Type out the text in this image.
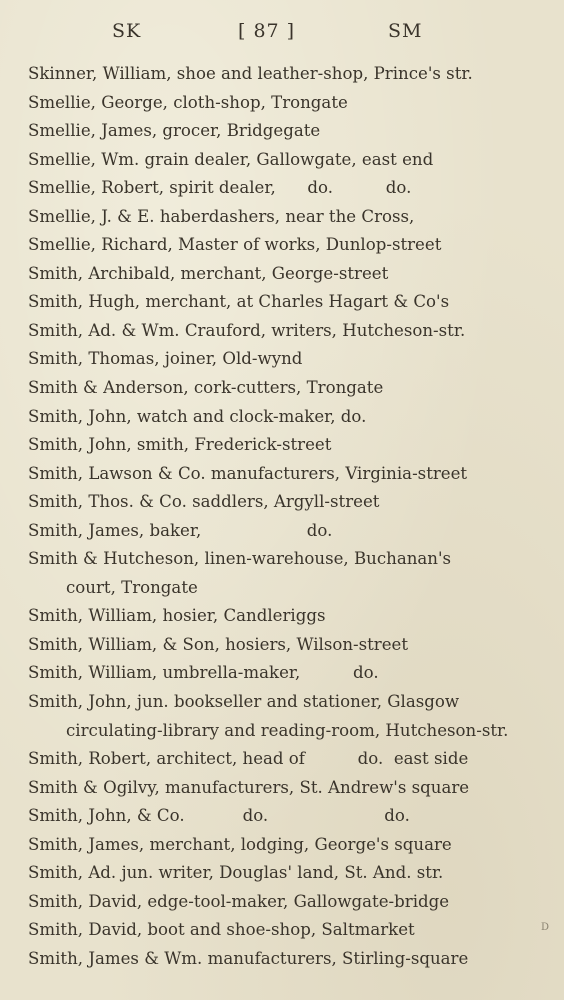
SK	[ 87 ]	SM
Skinner, William, shoe and leather-shop, Prince's str.
Smellie, George, cloth-shop, Trongate
Smellie, James, grocer, Bridgegate
Smellie, Wm. grain dealer, Gallowgate, east end
Smellie, Robert, spirit dealer,      do.          do.
Smellie, J. & E. haberdashers, near the Cross,
Smellie, Richard, Master of works, Dunlop-street
Smith, Archibald, merchant, George-street
Smith, Hugh, merchant, at Charles Hagart & Co's
Smith, Ad. & Wm. Crauford, writers, Hutcheson-str.
Smith, Thomas, joiner, Old-wynd
Smith & Anderson, cork-cutters, Trongate
Smith, John, watch and clock-maker, do.
Smith, John, smith, Frederick-street
Smith, Lawson & Co. manufacturers, Virginia-street
Smith, Thos. & Co. saddlers, Argyll-street
Smith, James, baker,                    do.
Smith & Hutcheson, linen-warehouse, Buchanan's
court, Trongate
Smith, William, hosier, Candleriggs
Smith, William, & Son, hosiers, Wilson-street
Smith, William, umbrella-maker,          do.
Smith, John, jun. bookseller and stationer, Glasgow
circulating-library and reading-room, Hutcheson-str.
Smith, Robert, architect, head of          do.  east side
Smith & Ogilvy, manufacturers, St. Andrew's square
Smith, John, & Co.           do.                      do.
Smith, James, merchant, lodging, George's square
Smith, Ad. jun. writer, Douglas' land, St. And. str.
Smith, David, edge-tool-maker, Gallowgate-bridge
Smith, David, boot and shoe-shop, Saltmarket
Smith, James & Wm. manufacturers, Stirling-square
D
